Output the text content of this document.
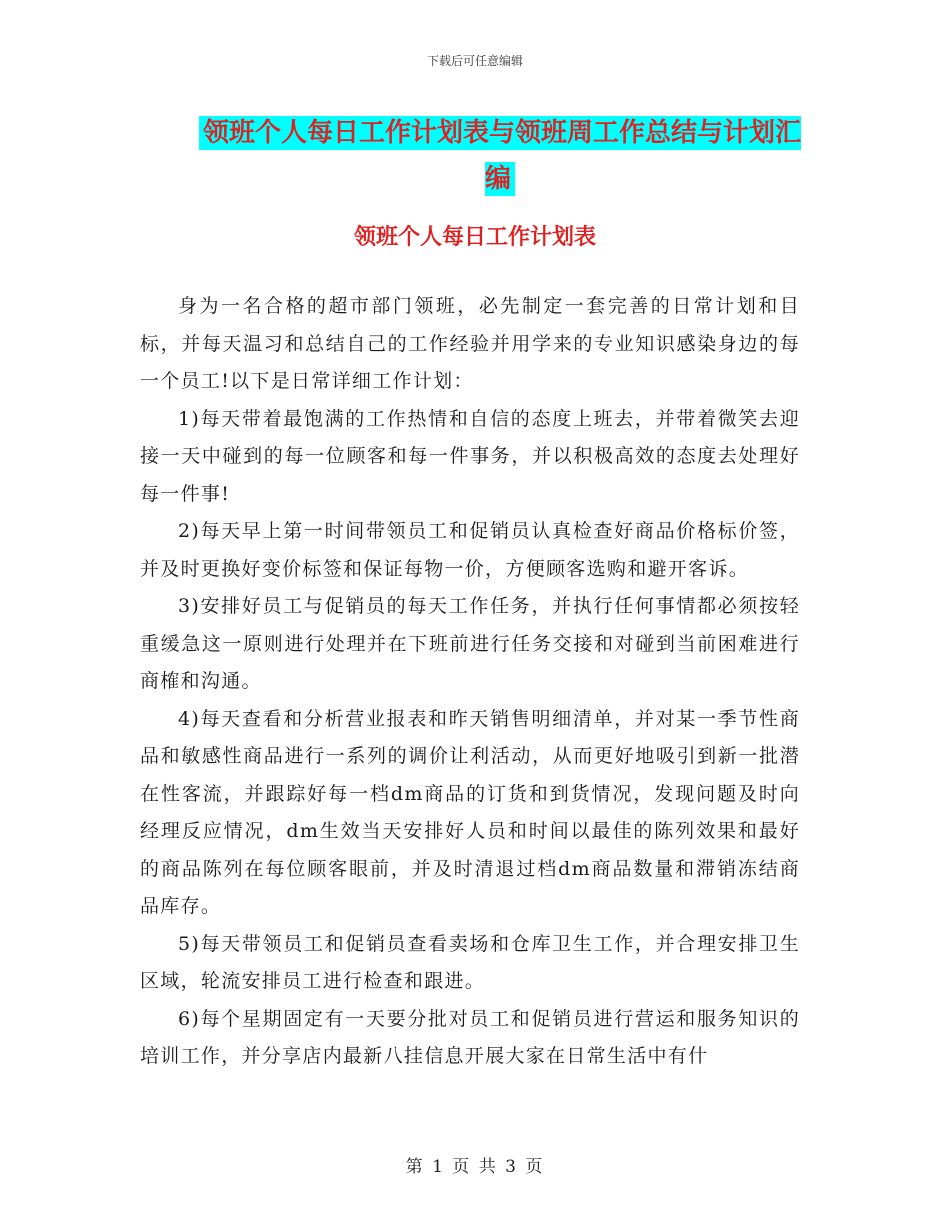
下载后可任意编辑
领班个人每日工作计划表与领班周工作总结与计划汇编
领班个人每日工作计划表

身为一名合格的超市部门领班，必先制定一套完善的日常计划和目标，并每天温习和总结自己的工作经验并用学来的专业知识感染身边的每一个员工!以下是日常详细工作计划：

1)每天带着最饱满的工作热情和自信的态度上班去，并带着微笑去迎接一天中碰到的每一位顾客和每一件事务，并以积极高效的态度去处理好每一件事!

2)每天早上第一时间带领员工和促销员认真检查好商品价格标价签，并及时更换好变价标签和保证每物一价，方便顾客选购和避开客诉。

3)安排好员工与促销员的每天工作任务，并执行任何事情都必须按轻重缓急这一原则进行处理并在下班前进行任务交接和对碰到当前困难进行商榷和沟通。

4)每天查看和分析营业报表和昨天销售明细清单，并对某一季节性商品和敏感性商品进行一系列的调价让利活动，从而更好地吸引到新一批潜在性客流，并跟踪好每一档dm商品的订货和到货情况，发现问题及时向经理反应情况，dm生效当天安排好人员和时间以最佳的陈列效果和最好的商品陈列在每位顾客眼前，并及时清退过档dm商品数量和滞销冻结商品库存。

5)每天带领员工和促销员查看卖场和仓库卫生工作，并合理安排卫生区域，轮流安排员工进行检查和跟进。

6)每个星期固定有一天要分批对员工和促销员进行营运和服务知识的培训工作，并分享店内最新八挂信息开展大家在日常生活中有什

第 1 页 共 3 页
